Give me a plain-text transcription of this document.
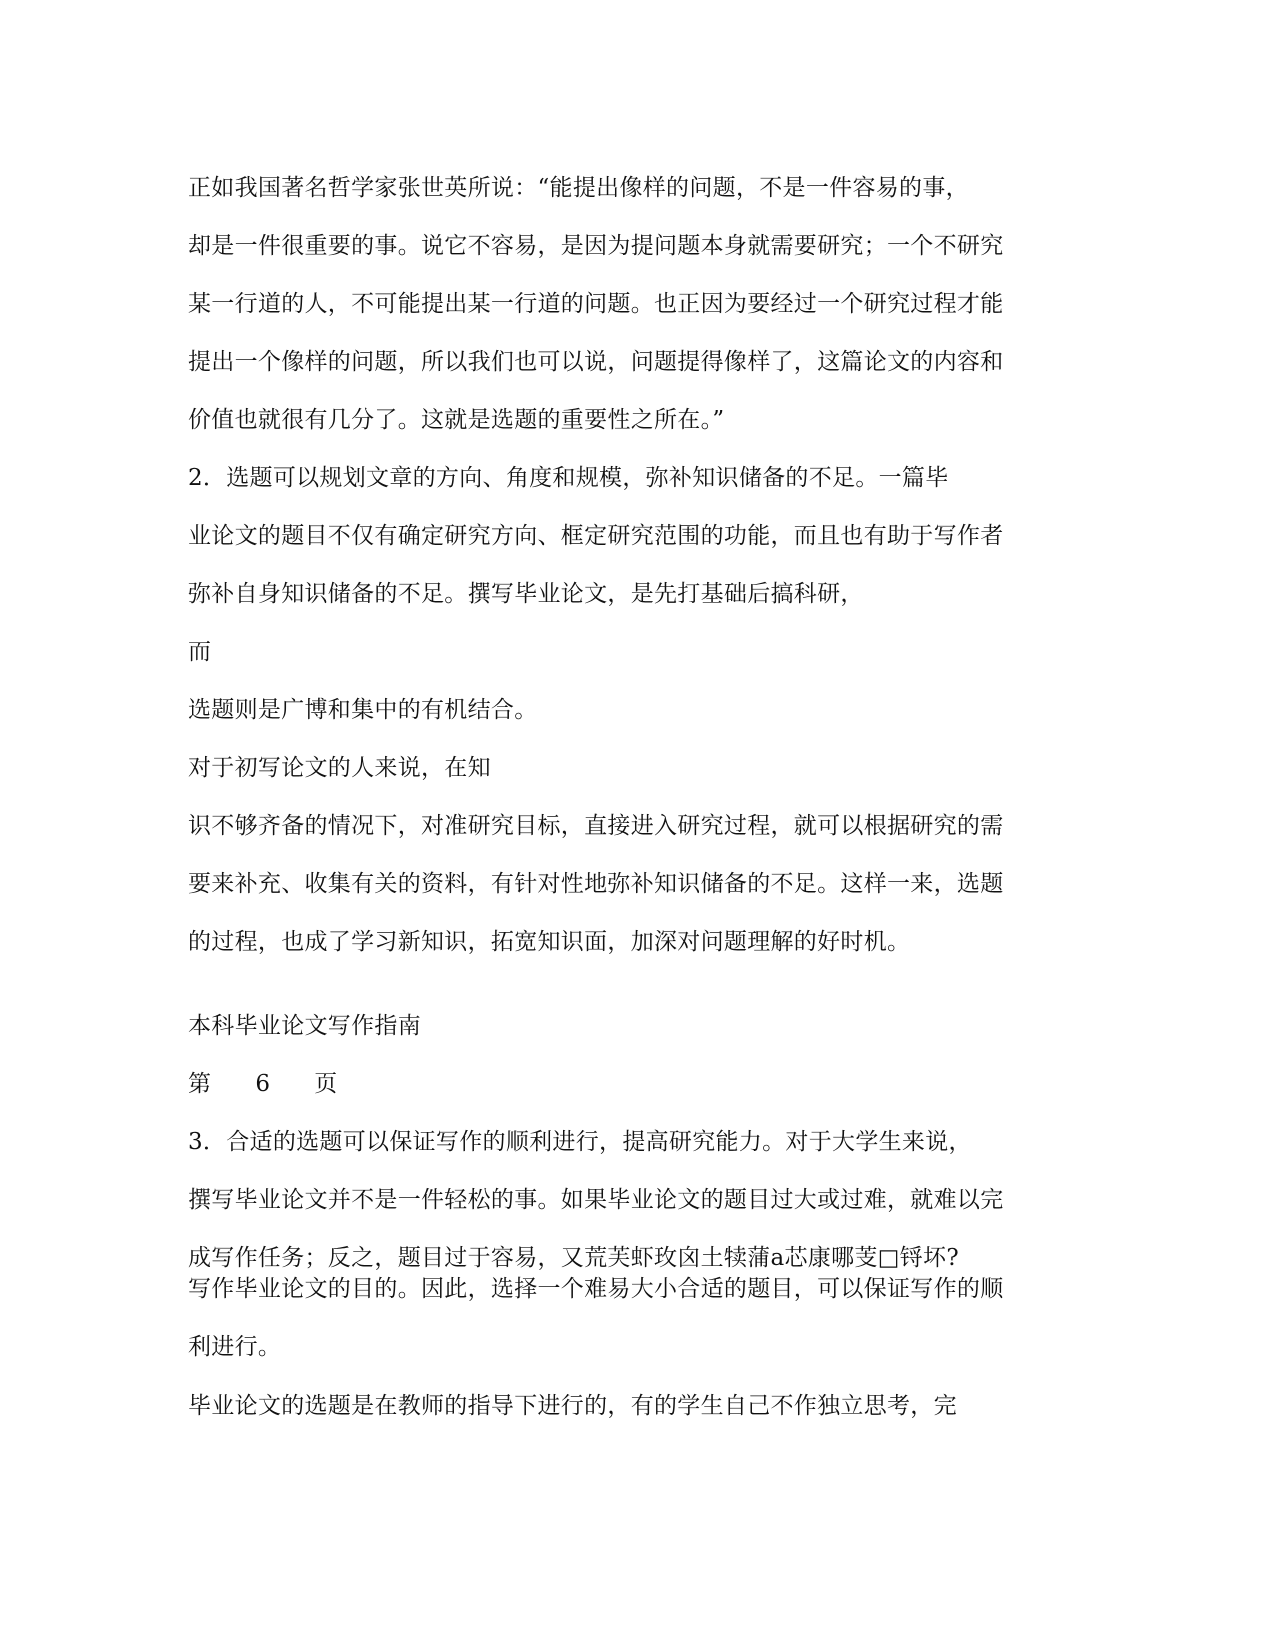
正如我国著名哲学家张世英所说：“能提出像样的问题，不是一件容易的事，

却是一件很重要的事。说它不容易，是因为提问题本身就需要研究；一个不研究

某一行道的人，不可能提出某一行道的问题。也正因为要经过一个研究过程才能

提出一个像样的问题，所以我们也可以说，问题提得像样了，这篇论文的内容和

价值也就很有几分了。这就是选题的重要性之所在。”

2．选题可以规划文章的方向、角度和规模，弥补知识储备的不足。一篇毕

业论文的题目不仅有确定研究方向、框定研究范围的功能，而且也有助于写作者

弥补自身知识储备的不足。撰写毕业论文，是先打基础后搞科研，

而

选题则是广博和集中的有机结合。

对于初写论文的人来说，在知

识不够齐备的情况下，对准研究目标，直接进入研究过程，就可以根据研究的需

要来补充、收集有关的资料，有针对性地弥补知识储备的不足。这样一来，选题

的过程，也成了学习新知识，拓宽知识面，加深对问题理解的好时机。

本科毕业论文写作指南

第 6 页

3．合适的选题可以保证写作的顺利进行，提高研究能力。对于大学生来说，

撰写毕业论文并不是一件轻松的事。如果毕业论文的题目过大或过难，就难以完

成写作任务；反之，题目过于容易，又荒芙虾玫囟土犊蒲a芯康哪芰□锊坏?

写作毕业论文的目的。因此，选择一个难易大小合适的题目，可以保证写作的顺

利进行。

毕业论文的选题是在教师的指导下进行的，有的学生自己不作独立思考，完
